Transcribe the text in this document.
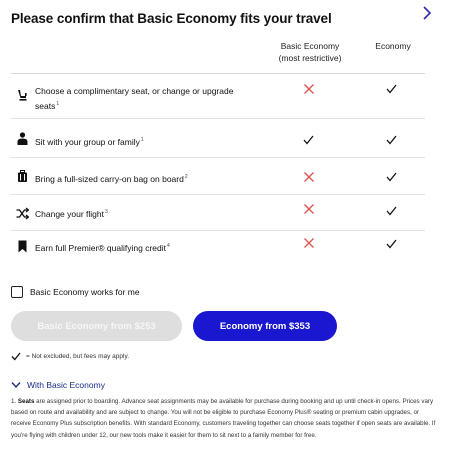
Please confirm that Basic Economy fits your travel
Basic Economy
(most restrictive)
Economy
Choose a complimentary seat, or change or upgrade seats$^1$
Sit with your group or family$^1$
Bring a full-sized carry-on bag on board$^2$
Change your flight$^3$
Earn full Premier® qualifying credit$^4$
Basic Economy works for me
Basic Economy from $253	Economy from $353
= Not excluded, but fees may apply.
With Basic Economy
1. Seats are assigned prior to boarding. Advance seat assignments may be available for purchase during booking and up until check-in opens. Prices vary based on route and availability and are subject to change. You will not be eligible to purchase Economy Plus® seating or premium cabin upgrades, or receive Economy Plus subscription benefits. With standard Economy, customers traveling together can choose seats together if open seats are available. If you're flying with children under 12, our new tools make it easier for them to sit next to a family member for free.
